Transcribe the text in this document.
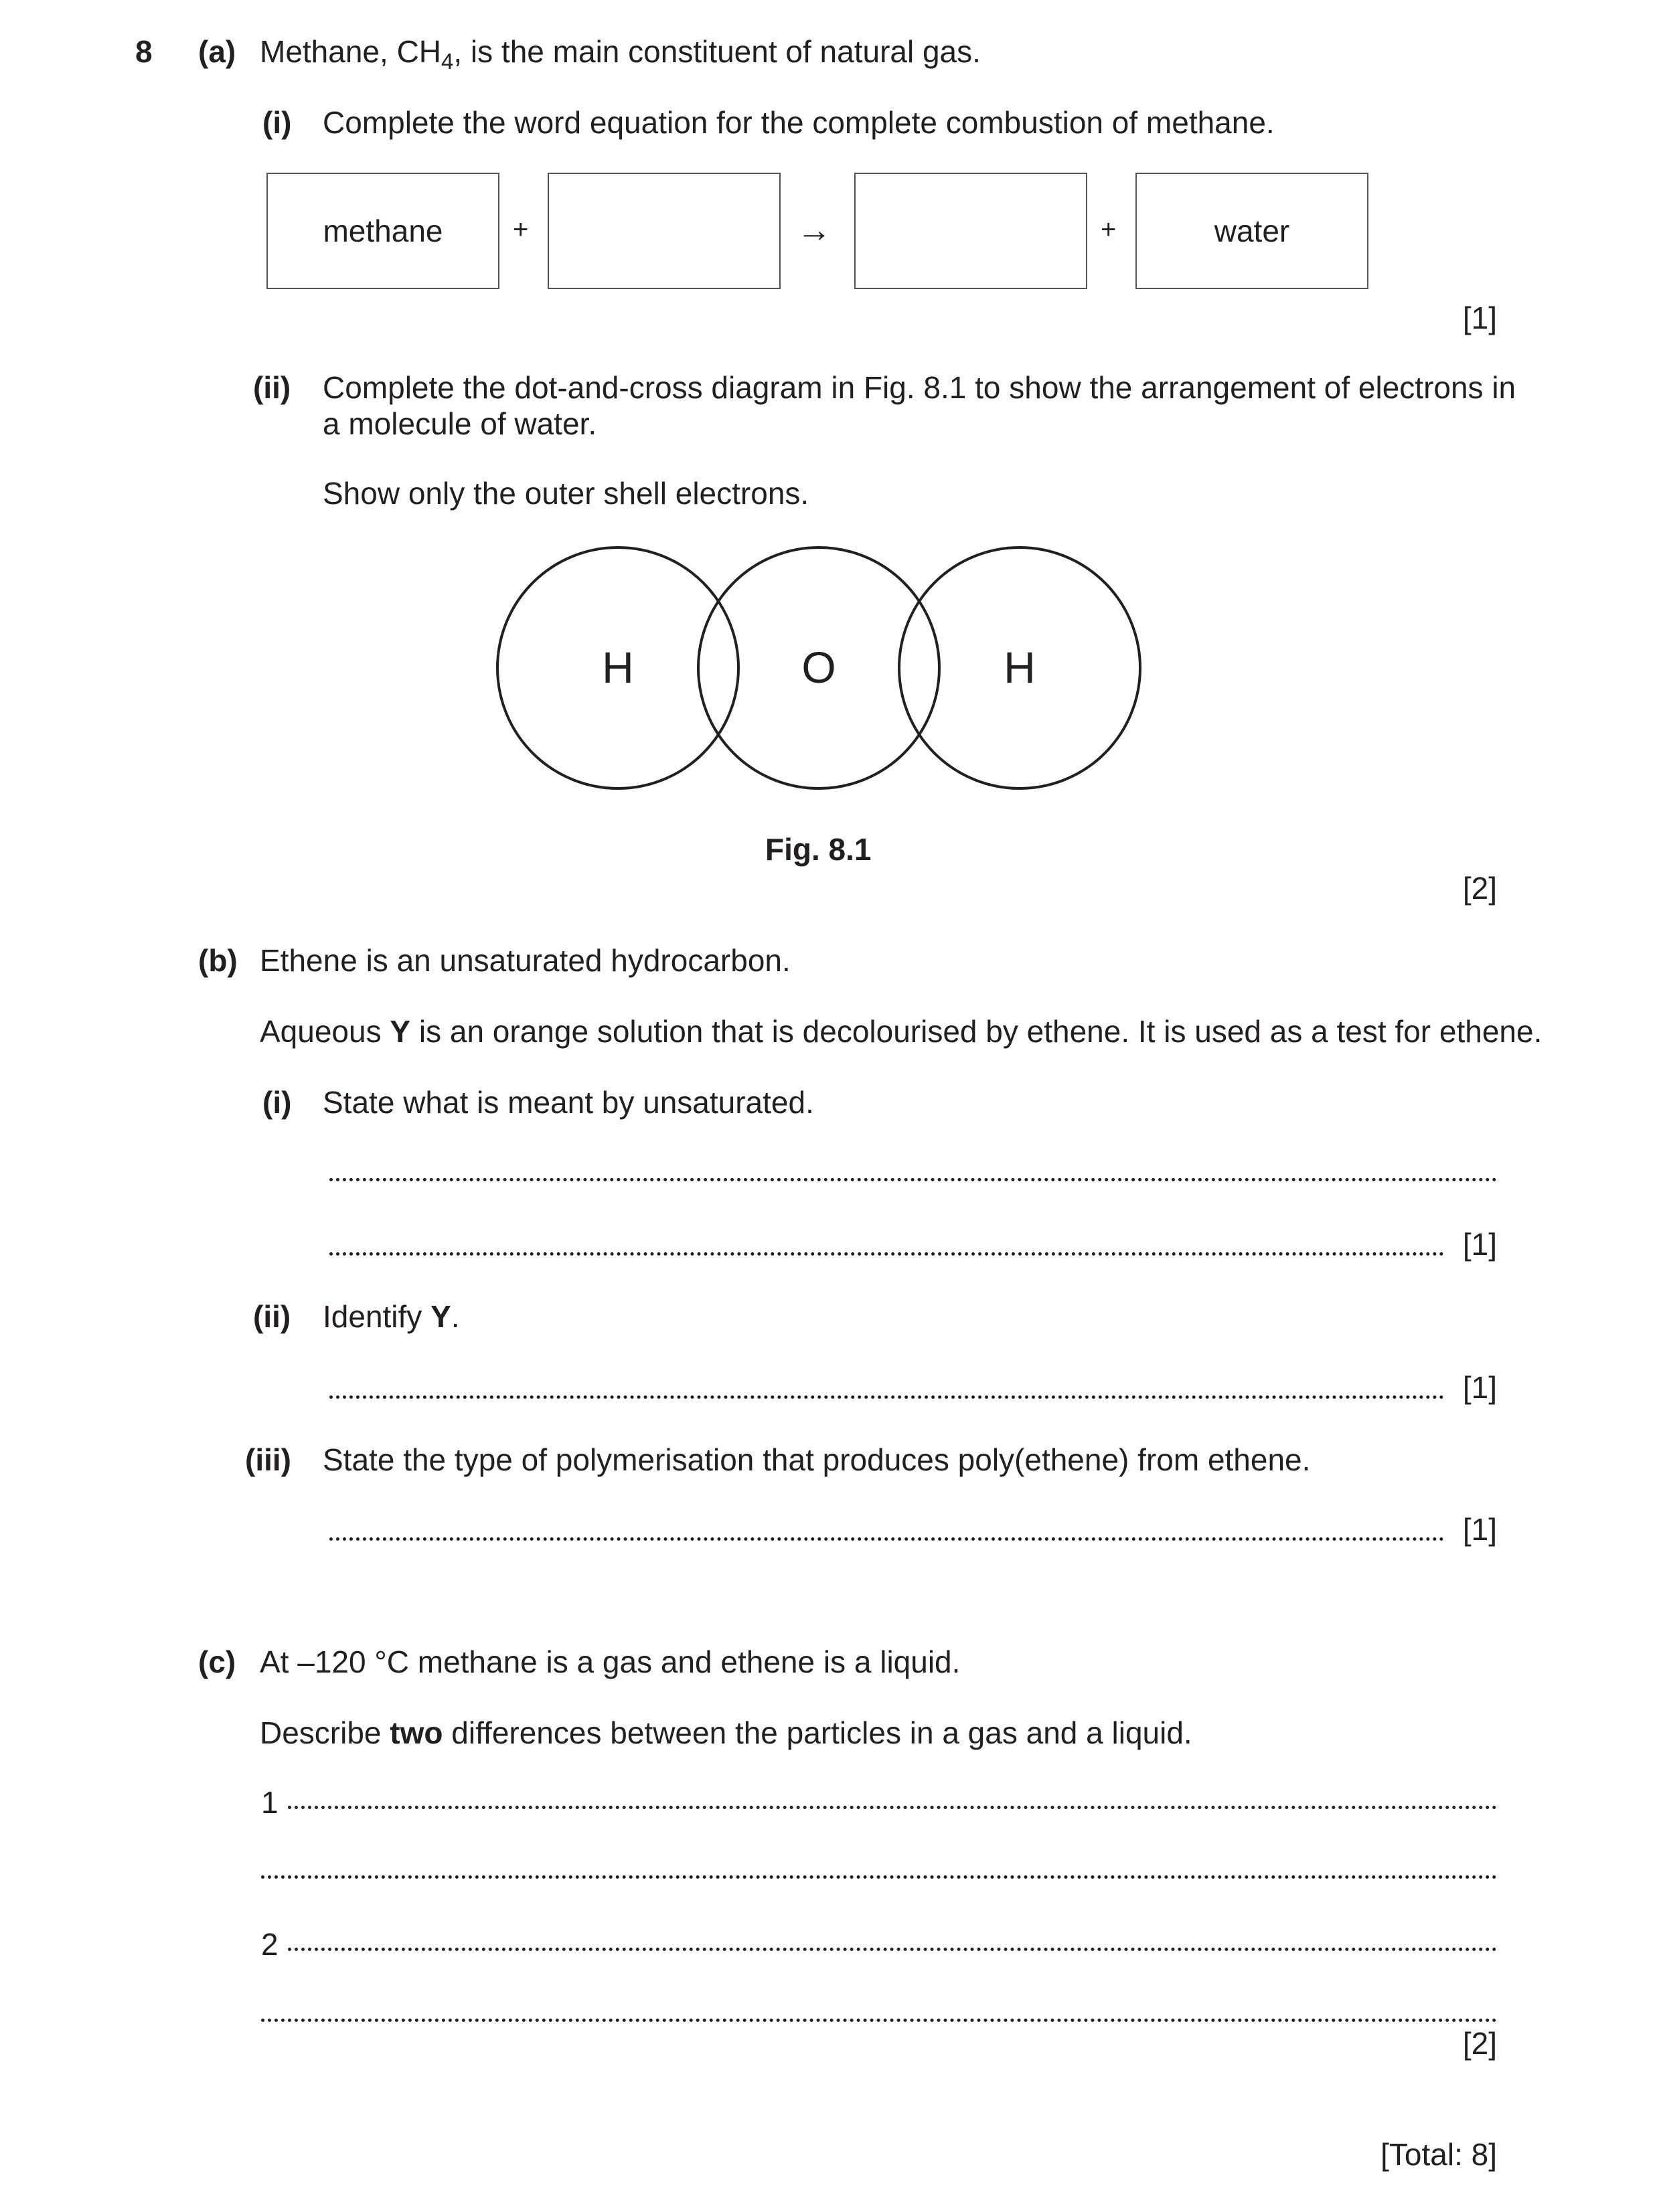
8 (a) Methane, $CH_4$, is the main constituent of natural gas.
(i) Complete the word equation for the complete combustion of methane.
methane	+	→	+	water
[1]
(ii) Complete the dot-and-cross diagram in Fig. 8.1 to show the arrangement of electrons in
a molecule of water.
Show only the outer shell electrons.
H	O	H
Fig. 8.1
[2]
(b) Ethene is an unsaturated hydrocarbon.
Aqueous Y is an orange solution that is decolourised by ethene. It is used as a test for ethene.
(i) State what is meant by unsaturated.
[1]
(ii) Identify Y.
[1]
(iii) State the type of polymerisation that produces poly(ethene) from ethene.
[1]
(c) At –120 °C methane is a gas and ethene is a liquid.
Describe two differences between the particles in a gas and a liquid.
1
2
[2]
[Total: 8]
